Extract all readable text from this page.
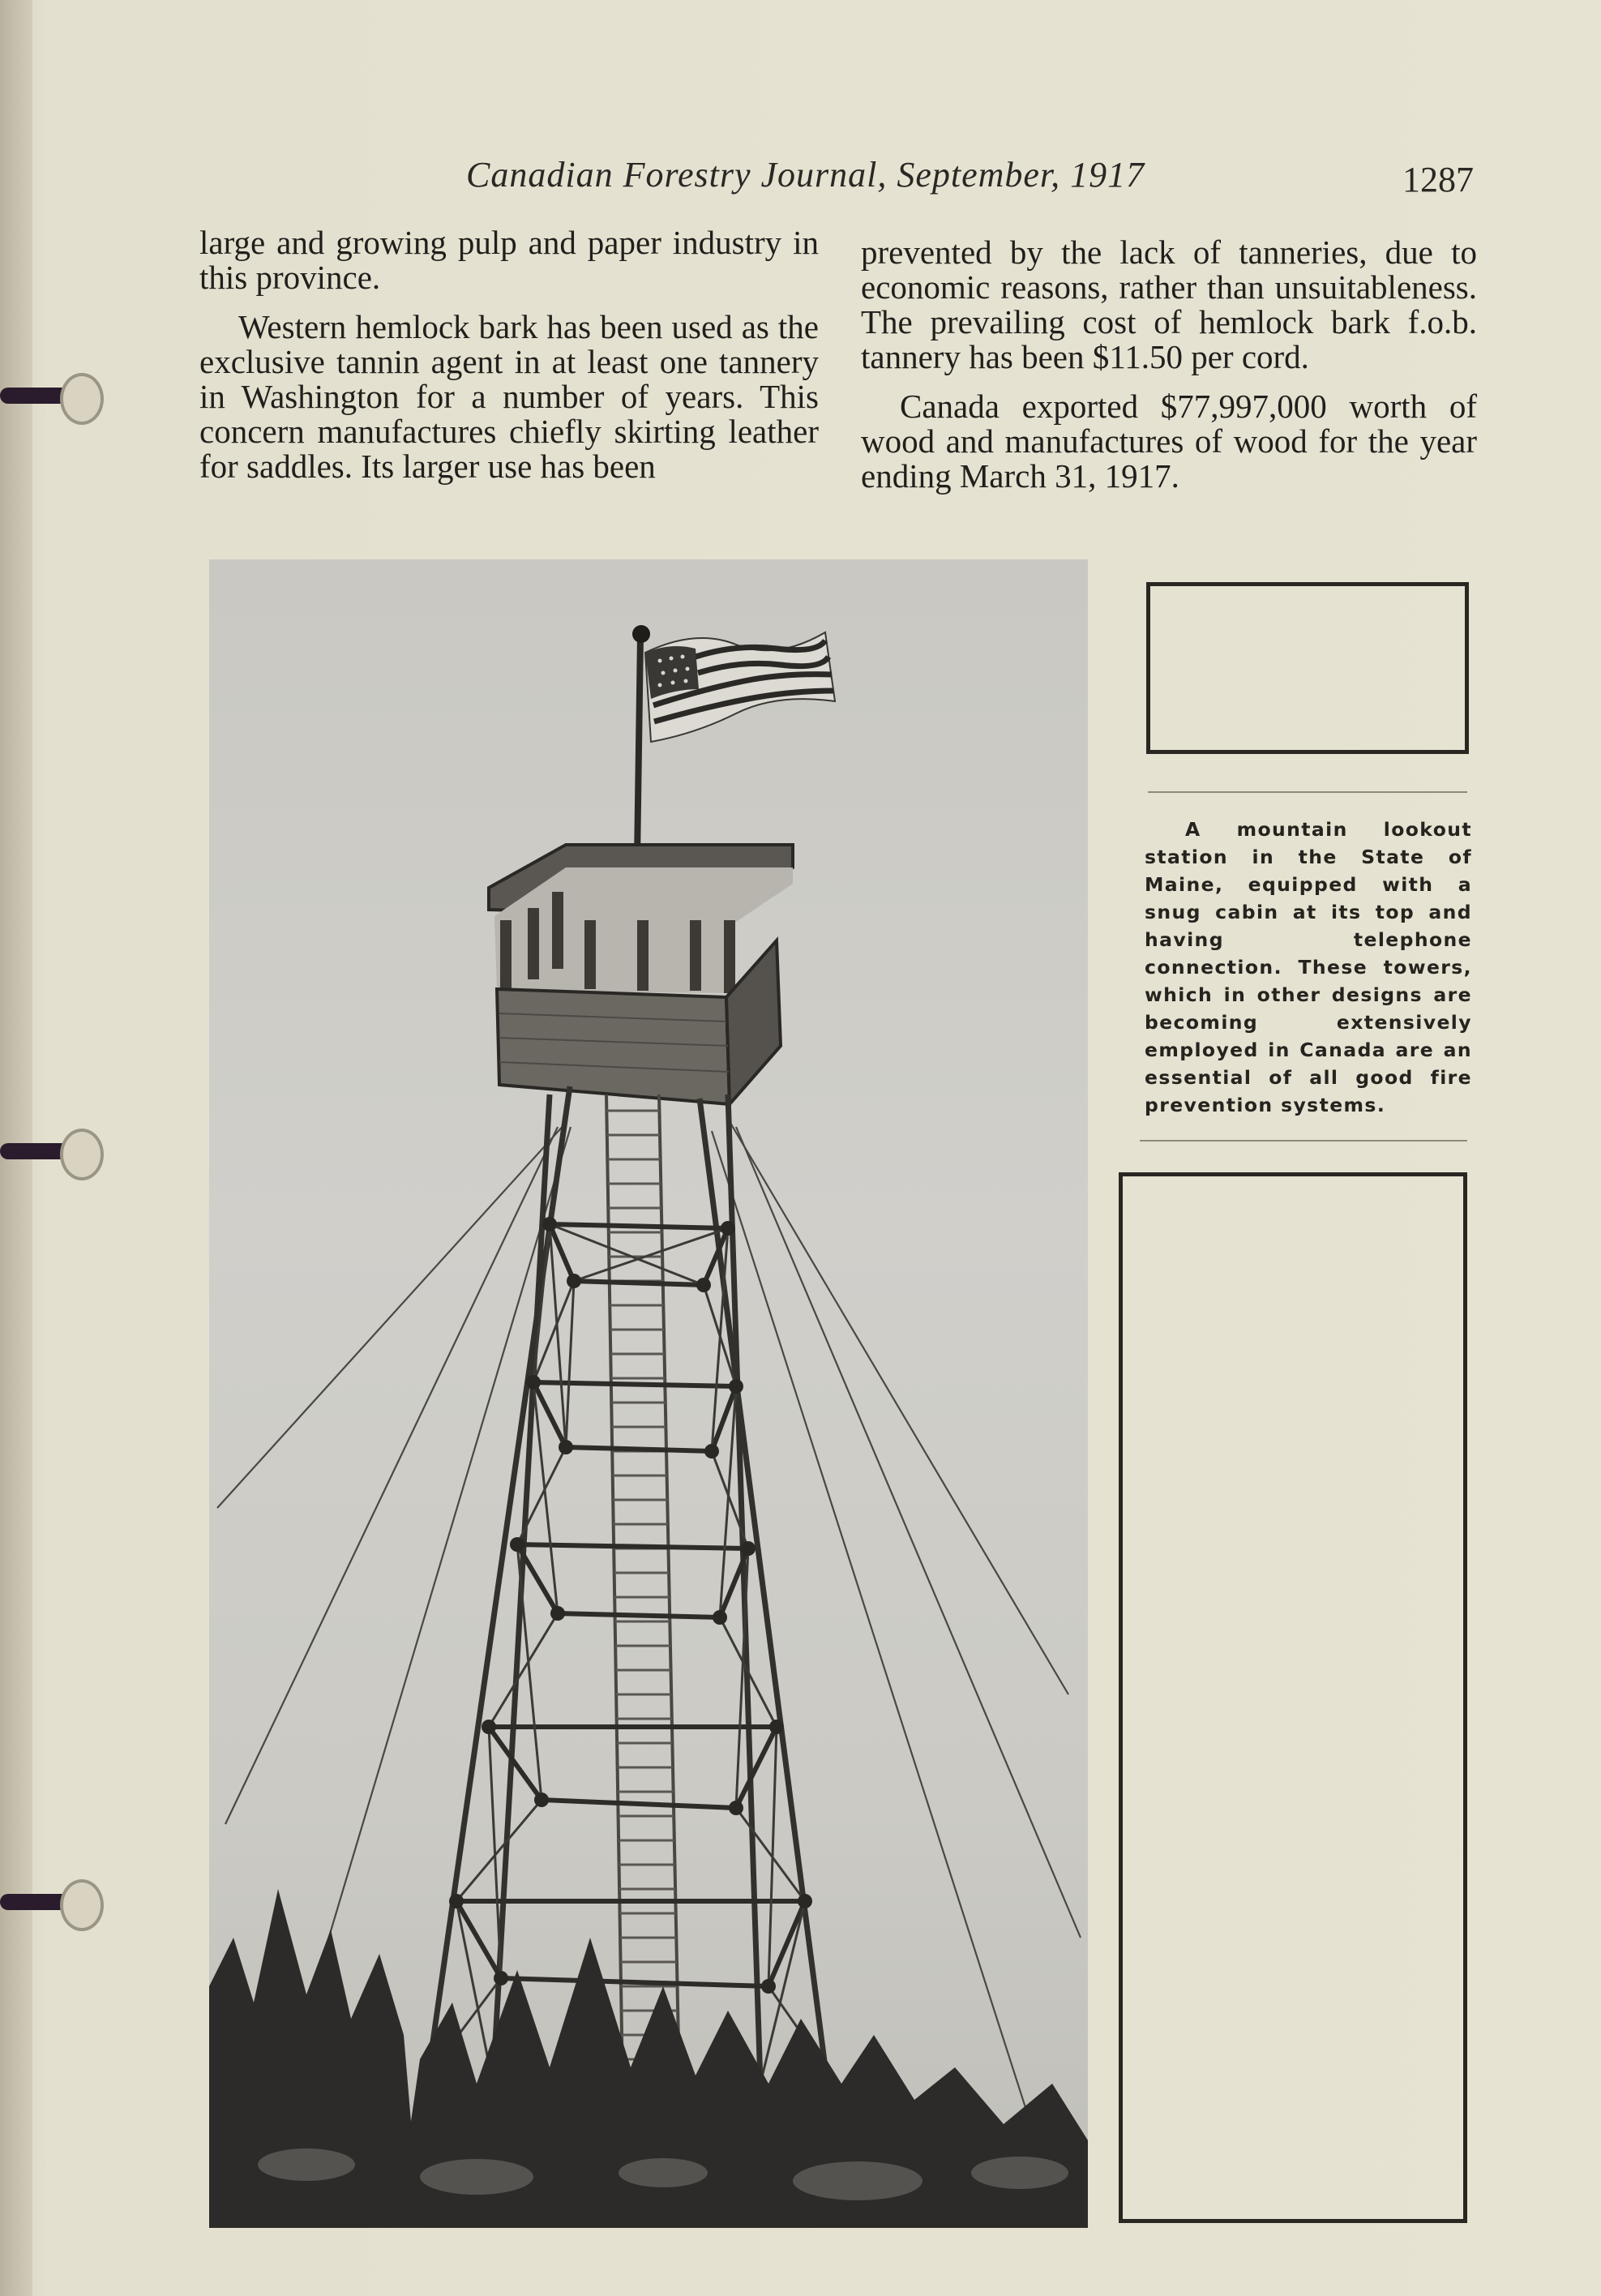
Canadian Forestry Journal, September, 1917	1287

large and growing pulp and paper industry in this province.

Western hemlock bark has been used as the exclusive tannin agent in at least one tannery in Washington for a number of years. This concern manufactures chiefly skirting leather for saddles. Its larger use has been

prevented by the lack of tanneries, due to economic reasons, rather than unsuitableness. The prevailing cost of hemlock bark f.o.b. tannery has been $11.50 per cord.

Canada exported $77,997,000 worth of wood and manufactures of wood for the year ending March 31, 1917.

A mountain lookout station in the State of Maine, equipped with a snug cabin at its top and having telephone connection. These towers, which in other designs are becoming extensively employed in Canada are an essential of all good fire prevention systems.
